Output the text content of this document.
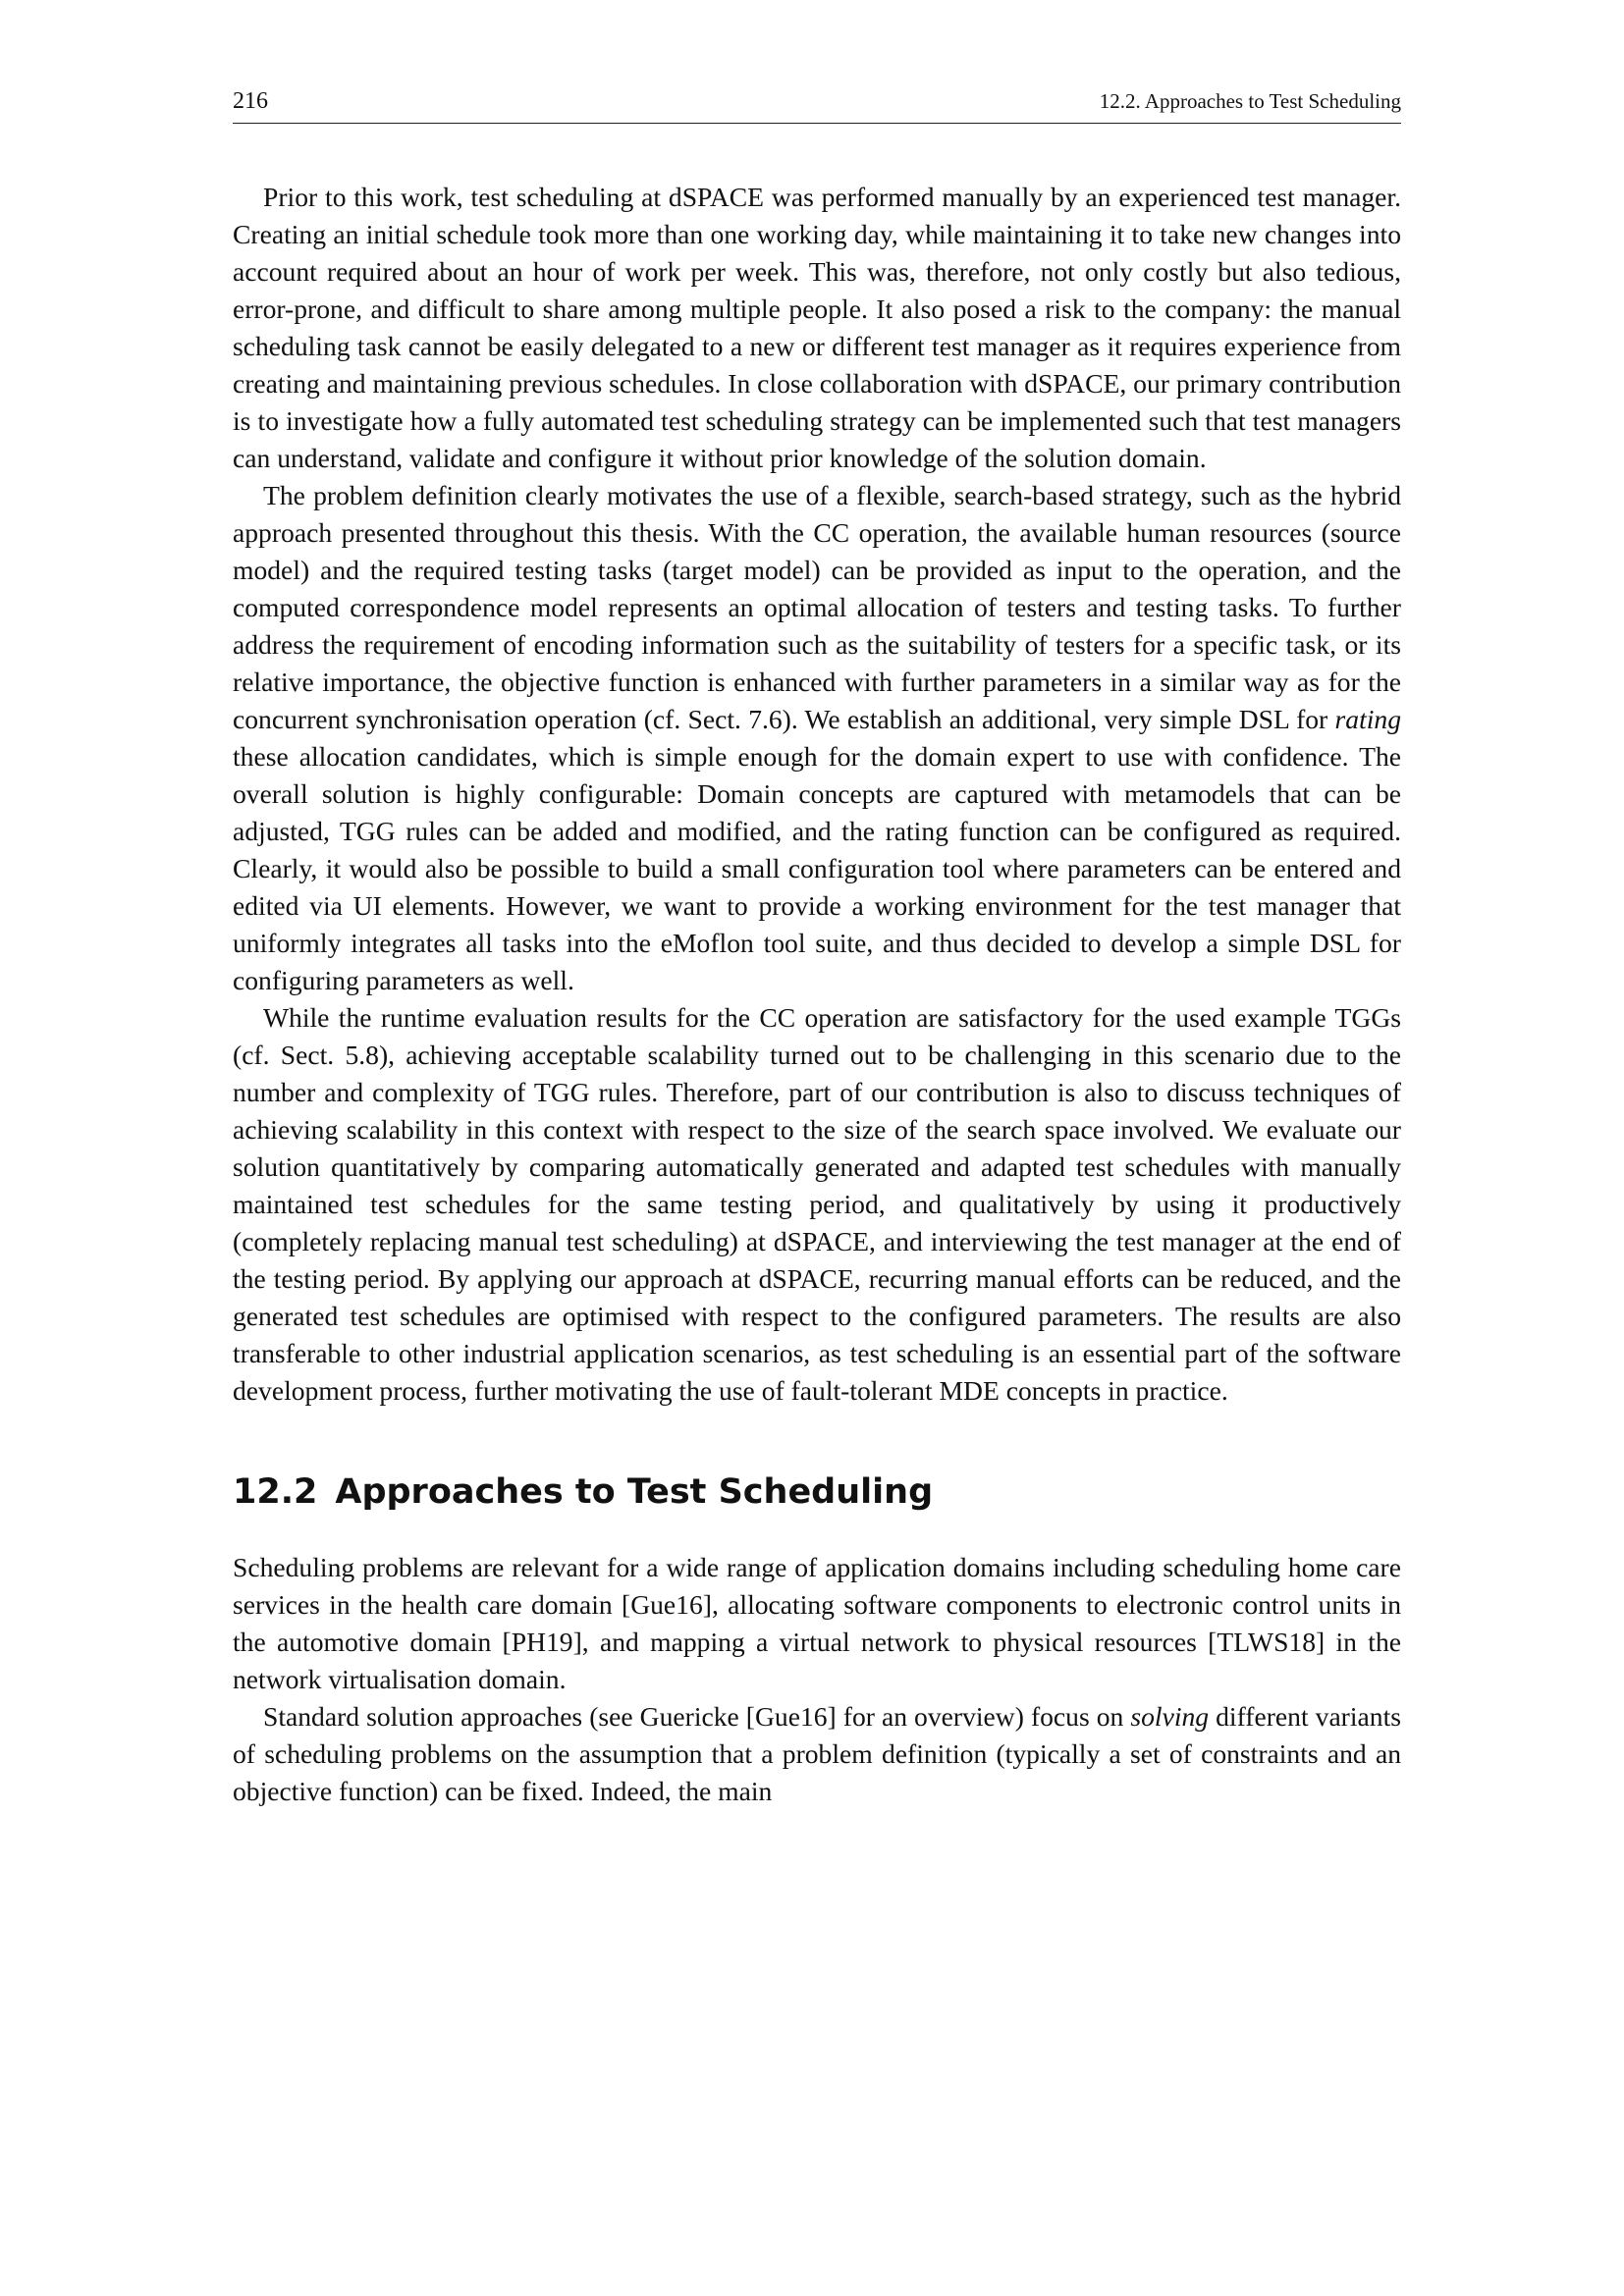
216	12.2. Approaches to Test Scheduling

Prior to this work, test scheduling at dSPACE was performed manually by an experienced test manager. Creating an initial schedule took more than one working day, while maintaining it to take new changes into account required about an hour of work per week. This was, therefore, not only costly but also tedious, error-prone, and difficult to share among multiple people. It also posed a risk to the company: the manual scheduling task cannot be easily delegated to a new or different test manager as it requires experience from creating and maintaining previous schedules. In close collaboration with dSPACE, our primary contribution is to investigate how a fully automated test scheduling strategy can be implemented such that test managers can understand, validate and configure it without prior knowledge of the solution domain.

The problem definition clearly motivates the use of a flexible, search-based strategy, such as the hybrid approach presented throughout this thesis. With the CC operation, the available human resources (source model) and the required testing tasks (target model) can be provided as input to the operation, and the computed correspondence model represents an optimal allocation of testers and testing tasks. To further address the requirement of encoding information such as the suitability of testers for a specific task, or its relative importance, the objective function is enhanced with further parameters in a similar way as for the concurrent synchronisation operation (cf. Sect. 7.6). We establish an additional, very simple DSL for rating these allocation candidates, which is simple enough for the domain expert to use with confidence. The overall solution is highly configurable: Domain concepts are captured with metamodels that can be adjusted, TGG rules can be added and modified, and the rating function can be configured as required. Clearly, it would also be possible to build a small configuration tool where parameters can be entered and edited via UI elements. However, we want to provide a working environment for the test manager that uniformly integrates all tasks into the eMoflon tool suite, and thus decided to develop a simple DSL for configuring parameters as well.

While the runtime evaluation results for the CC operation are satisfactory for the used example TGGs (cf. Sect. 5.8), achieving acceptable scalability turned out to be challenging in this scenario due to the number and complexity of TGG rules. Therefore, part of our contribution is also to discuss techniques of achieving scalability in this context with respect to the size of the search space involved. We evaluate our solution quantitatively by comparing automatically generated and adapted test schedules with manually maintained test schedules for the same testing period, and qualitatively by using it productively (completely replacing manual test scheduling) at dSPACE, and interviewing the test manager at the end of the testing period. By applying our approach at dSPACE, recurring manual efforts can be reduced, and the generated test schedules are optimised with respect to the configured parameters. The results are also transferable to other industrial application scenarios, as test scheduling is an essential part of the software development process, further motivating the use of fault-tolerant MDE concepts in practice.

12.2 Approaches to Test Scheduling

Scheduling problems are relevant for a wide range of application domains including scheduling home care services in the health care domain [Gue16], allocating software components to electronic control units in the automotive domain [PH19], and mapping a virtual network to physical resources [TLWS18] in the network virtualisation domain.

Standard solution approaches (see Guericke [Gue16] for an overview) focus on solving different variants of scheduling problems on the assumption that a problem definition (typically a set of constraints and an objective function) can be fixed. Indeed, the main
